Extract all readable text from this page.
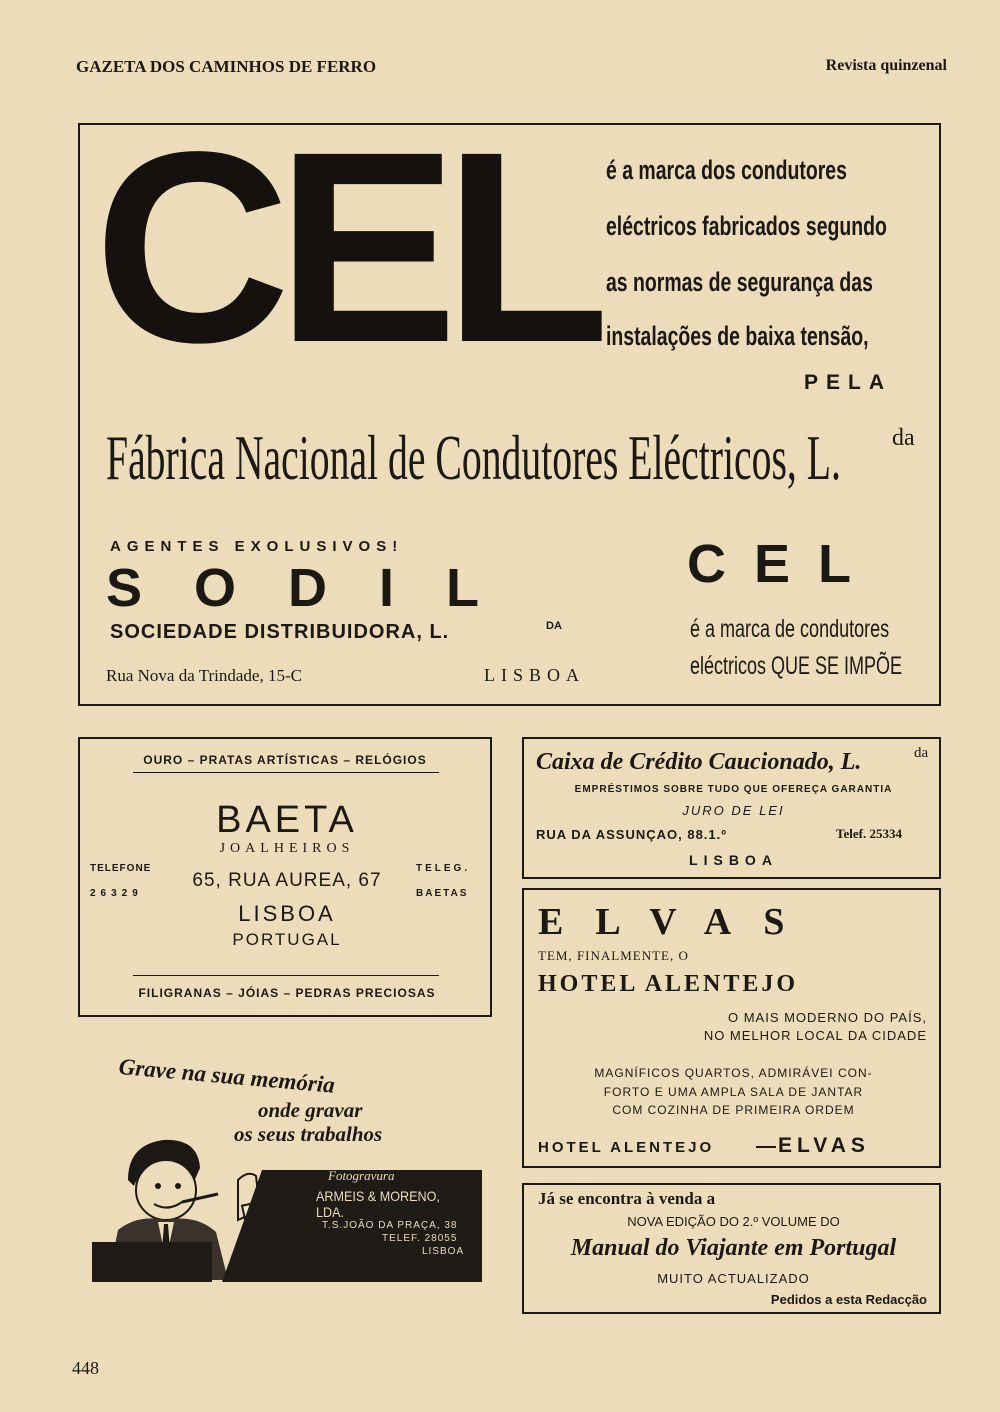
GAZETA DOS CAMINHOS DE FERRO	Revista quinzenal
CEL é a marca dos condutores
eléctricos fabricados segundo
as normas de segurança das
instalações de baixa tensão,
PELA
Fábrica Nacional de Condutores Eléctricos, L.	da
AGENTES EXOLUSIVOS!
SODIL
SOCIEDADE DISTRIBUIDORA, L.	DA
Rua Nova da Trindade, 15-C	LISBOA
CEL
é a marca de condutores
eléctricos QUE SE IMPÕE
OURO – PRATAS ARTÍSTICAS – RELÓGIOS
BAETA
JOALHEIROS
TELEFONE
26329
TELEG.
BAETAS
65, RUA AUREA, 67
LISBOA
PORTUGAL
FILIGRANAS – JÓIAS – PEDRAS PRECIOSAS
Caixa de Crédito Caucionado, L.	da
EMPRÉSTIMOS SOBRE TUDO QUE OFEREÇA GARANTIA
JURO DE LEI
RUA DA ASSUNÇAO, 88.1.º	Telef. 25334
LISBOA
ELVAS
TEM, FINALMENTE, O
HOTEL ALENTEJO
O MAIS MODERNO DO PAÍS,
NO MELHOR LOCAL DA CIDADE
MAGNÍFICOS QUARTOS, ADMIRÁVEI CON-
FORTO E UMA AMPLA SALA DE JANTAR
COM COZINHA DE PRIMEIRA ORDEM
HOTEL ALENTEJO	ELVAS
Grave na sua memória
onde gravar
os seus trabalhos
Fotogravura
ARMEIS & MORENO, LDA.
T.S.JOÃO DA PRAÇA, 38
TELEF. 28055
LISBOA
Já se encontra à venda a
NOVA EDIÇÃO DO 2.º VOLUME DO
Manual do Viajante em Portugal
MUITO ACTUALIZADO
Pedidos a esta Redacção
448
